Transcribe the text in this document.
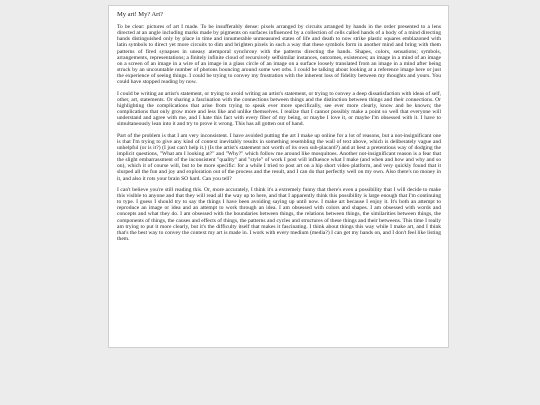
My art! My? Art?

To be clear: pictures of art I made. To be insufferably dense: pixels arranged by circuits arranged by hands in the order presented to a lens directed at an angle including marks made by pigments on surfaces influenced by a collection of cells called hands of a body of a mind directing hands distinguished only by place in time and innumerable unmeasured states of life and death to now strike plastic squares emblazoned with latin symbols to direct yet more circuits to dim and brighten pixels in such a way that these symbols form in another mind and bring with them patterns of fired synapses in uneasy atemporal synchrony with the patterns directing the hands. Shapes, colors, sensations; symbols, arrangements, representations; a finitely infinite cloud of recursively selfsimilar instances, outcomes, existences; an image in a mind of an image on a screen of an image in a wire of an image in a glass circle of an image on a surface loosely translated from an image in a mind after being struck by an uncountable number of photons bouncing around some wet orbs. I could be talking about looking at a reference image here or just the experience of seeing things. I could be trying to convey my frustration with the inherent loss of fidelity between my thoughts and yours. You could have stopped reading by now.

I could be writing an artist's statement, or trying to avoid writing an artist's statement, or trying to convey a deep dissatisfaction with ideas of self, other, art, statements. Or sharing a fascination with the connections between things and the distinction between things and their connections. Or highlighting the complications that arise from trying to speak ever more specifically, see ever more clearly, know and be known; the complications that only grow more and less like and unlike themselves. I realize that I cannot possibly make a point so well that everyone will understand and agree with me, and I hate this fact with every fiber of my being, or maybe I love it, or maybe I'm obsessed with it. I have to simultaneously lean into it and try to prove it wrong. This has all gotten out of hand.

Part of the problem is that I am very inconsistent. I have avoided putting the art I make up online for a lot of reasons, but a not-insignificant one is that I'm trying to give any kind of context inevitably results in something resembling the wall of text above, which is deliberately vague and unhelpful (or is it?) (I just can't help it.) (Is the artist's statement not worth of its own sub-placard?) and at best a pretentious way of dodging the implicit questions, "What am I looking at?" and "Why?" which follow me around like mosquitoes. Another not-insignificant reason is a fear that the slight embarrassment of the inconsistent "quality" and "style" of work I post will influence what I make (and when and how and why and so on), which it of course will, but to be more specific: for a while I tried to post art on a hip short video platform, and very quickly found that it slurped all the fun and joy and exploration out of the process and the result, and I can do that perfectly well on my own. Also there's no money in it, and also it rots your brain SO hard. Can you tell?

I can't believe you're still reading this. Or, more accurately, I think it's a extremely funny that there's even a possibility that I will decide to make this visible to anyone and that they will read all the way up to here, and that I apparently think this possibility is large enough that I'm continuing to type. I guess I should try to say the things I have been avoiding saying up until now. I make art because I enjoy it. It's both an attempt to reproduce an image or idea and an attempt to work through an idea. I am obsessed with colors and shapes. I am obsessed with words and concepts and what they do. I am obsessed with the boundaries between things, the relations between things, the similarities between things, the components of things, the causes and effects of things, the patterns and cycles and structures of these things and their betweens. This time I really am trying to put it more clearly, but it's the difficulty itself that makes it fascinating. I think about things this way while I make art, and I think that's the best way to convey the context my art is made in. I work with every medium (media?) I can get my hands on, and I don't feel like listing them.
